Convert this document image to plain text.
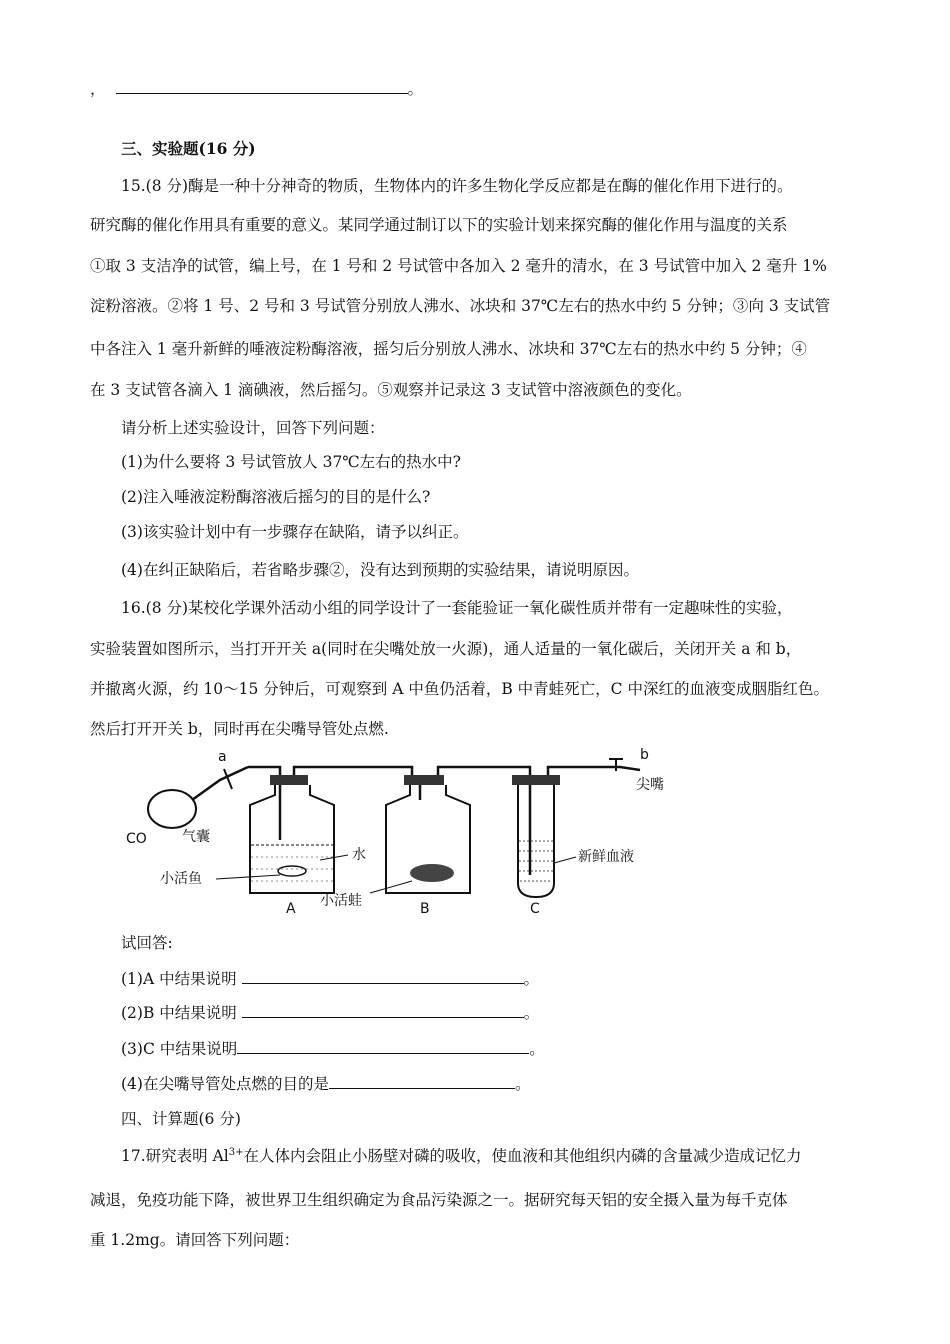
，	。
三、实验题(16 分)
15.(8 分)酶是一种十分神奇的物质，生物体内的许多生物化学反应都是在酶的催化作用下进行的。
研究酶的催化作用具有重要的意义。某同学通过制订以下的实验计划来探究酶的催化作用与温度的关系
①取 3 支洁净的试管，编上号，在 1 号和 2 号试管中各加入 2 毫升的清水，在 3 号试管中加入 2 毫升 1%
淀粉溶液。②将 1 号、2 号和 3 号试管分别放人沸水、冰块和 37℃左右的热水中约 5 分钟；③向 3 支试管
中各注入 1 毫升新鲜的唾液淀粉酶溶液，摇匀后分别放人沸水、冰块和 37℃左右的热水中约 5 分钟；④
在 3 支试管各滴入 1 滴碘液，然后摇匀。⑤观察并记录这 3 支试管中溶液颜色的变化。
请分析上述实验设计，回答下列问题：
(1)为什么要将 3 号试管放人 37℃左右的热水中?
(2)注入唾液淀粉酶溶液后摇匀的目的是什么?
(3)该实验计划中有一步骤存在缺陷，请予以纠正。
(4)在纠正缺陷后，若省略步骤②，没有达到预期的实验结果，请说明原因。
16.(8 分)某校化学课外活动小组的同学设计了一套能验证一氧化碳性质并带有一定趣味性的实验，
实验装置如图所示，当打开开关 a(同时在尖嘴处放一火源)，通人适量的一氧化碳后，关闭开关 a 和 b，
并撤离火源，约 10～15 分钟后，可观察到 A 中鱼仍活着，B 中青蛙死亡，C 中深红的血液变成胭脂红色。
然后打开开关 b，同时再在尖嘴导管处点燃.
a	b
尖嘴
CO	气囊
水
小活鱼
小活蛙
新鲜血液
A	B	C
试回答:
(1)A 中结果说明	。
(2)B 中结果说明	。
(3)C 中结果说明	。
(4)在尖嘴导管处点燃的目的是	。
四、计算题(6 分)
17.研究表明 $Al^{3+}$在人体内会阻止小肠壁对磷的吸收，使血液和其他组织内磷的含量减少造成记忆力
减退，免疫功能下降，被世界卫生组织确定为食品污染源之一。据研究每天铝的安全摄入量为每千克体
重 1.2mg。请回答下列问题：
